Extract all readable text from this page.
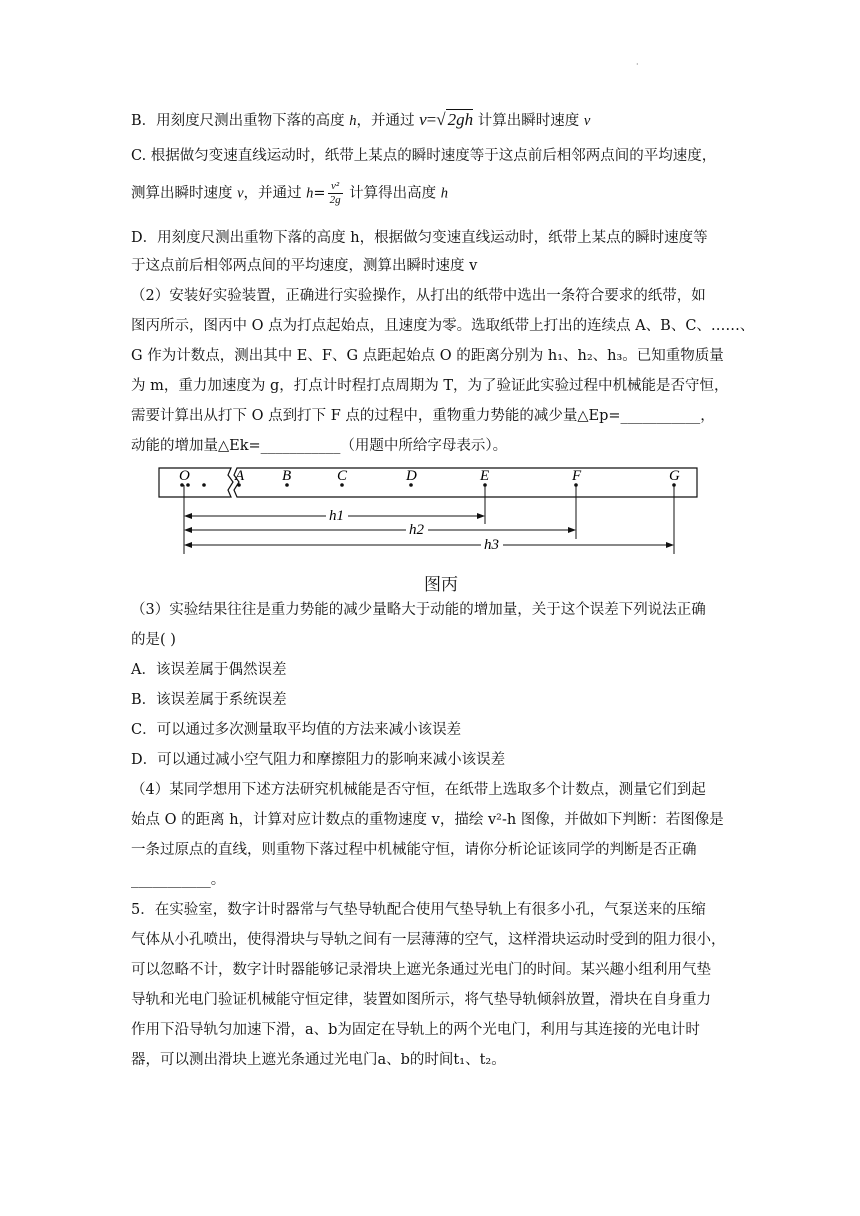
·
B．用刻度尺测出重物下落的高度 h，并通过 v=√ 2gh 计算出瞬时速度 v
C. 根据做匀变速直线运动时，纸带上某点的瞬时速度等于这点前后相邻两点间的平均速度，
测算出瞬时速度 v，并通过 $h= \frac{\text{v²}}{2g}$ 计算得出高度 h
D．用刻度尺测出重物下落的高度 h，根据做匀变速直线运动时，纸带上某点的瞬时速度等
于这点前后相邻两点间的平均速度，测算出瞬时速度 v
（2）安装好实验装置，正确进行实验操作，从打出的纸带中选出一条符合要求的纸带，如
图丙所示，图丙中 O 点为打点起始点，且速度为零。选取纸带上打出的连续点 A、B、C、……、
G 作为计数点，测出其中 E、F、G 点距起始点 O 的距离分别为 h₁、h₂、h₃。已知重物质量
为 m，重力加速度为 g，打点计时程打点周期为 T，为了验证此实验过程中机械能是否守恒，
需要计算出从打下 O 点到打下 F 点的过程中，重物重力势能的减少量△Ep=___________，
动能的增加量△Ek=___________（用题中所给字母表示）。
O	A	B	C	D	E	F	G
h1
h2
h3
图丙
（3）实验结果往往是重力势能的减少量略大于动能的增加量，关于这个误差下列说法正确
的是( )
A．该误差属于偶然误差
B．该误差属于系统误差
C．可以通过多次测量取平均值的方法来减小该误差
D．可以通过减小空气阻力和摩擦阻力的影响来减小该误差
（4）某同学想用下述方法研究机械能是否守恒，在纸带上选取多个计数点，测量它们到起
始点 O 的距离 h，计算对应计数点的重物速度 v，描绘 v²-h 图像，并做如下判断：若图像是
一条过原点的直线，则重物下落过程中机械能守恒，请你分析论证该同学的判断是否正确
___________。
5．在实验室，数字计时器常与气垫导轨配合使用气垫导轨上有很多小孔，气泵送来的压缩
气体从小孔喷出，使得滑块与导轨之间有一层薄薄的空气，这样滑块运动时受到的阻力很小，
可以忽略不计，数字计时器能够记录滑块上遮光条通过光电门的时间。某兴趣小组利用气垫
导轨和光电门验证机械能守恒定律，装置如图所示，将气垫导轨倾斜放置，滑块在自身重力
作用下沿导轨匀加速下滑，a、b为固定在导轨上的两个光电门，利用与其连接的光电计时
器，可以测出滑块上遮光条通过光电门a、b的时间t₁、t₂。
